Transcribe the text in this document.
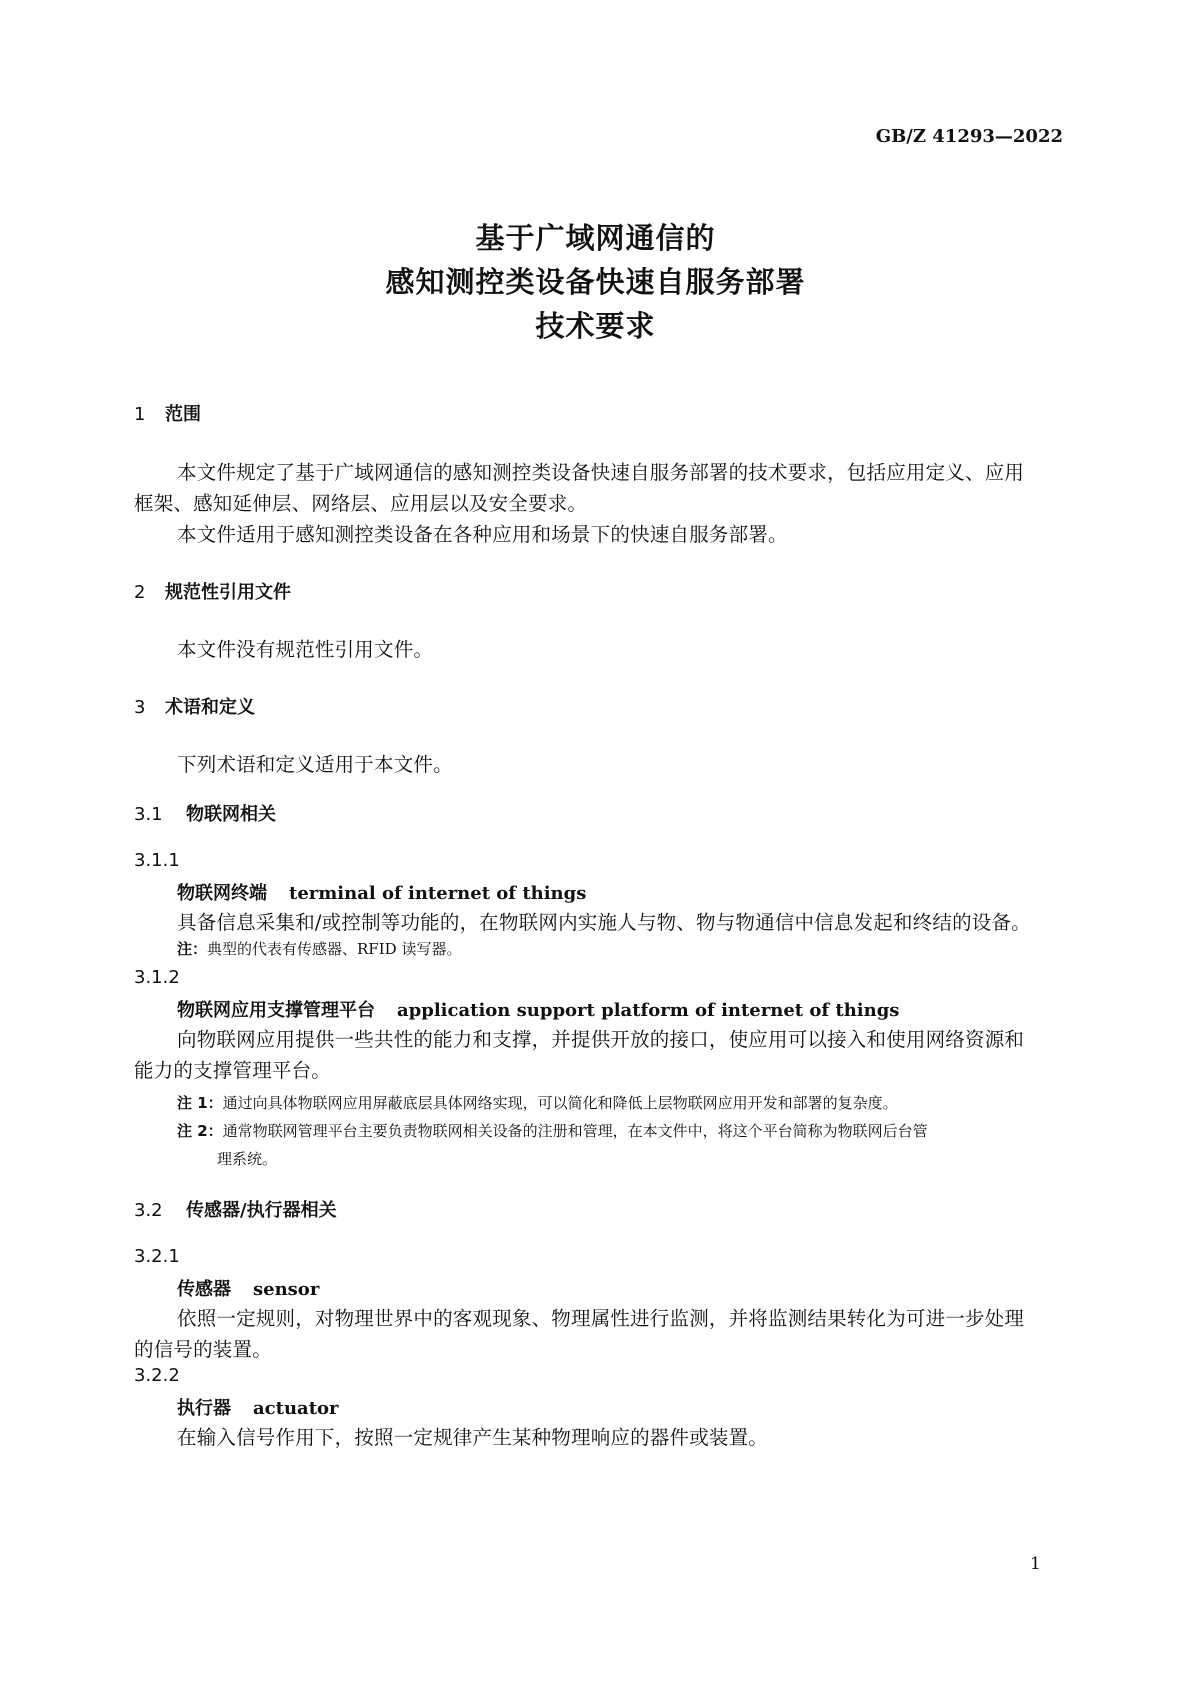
GB/Z 41293—2022
基于广域网通信的
感知测控类设备快速自服务部署
技术要求
1 范围
本文件规定了基于广域网通信的感知测控类设备快速自服务部署的技术要求，包括应用定义、应用
框架、感知延伸层、网络层、应用层以及安全要求。
本文件适用于感知测控类设备在各种应用和场景下的快速自服务部署。
2 规范性引用文件
本文件没有规范性引用文件。
3 术语和定义
下列术语和定义适用于本文件。
3.1 物联网相关
3.1.1
物联网终端 terminal of internet of things
具备信息采集和/或控制等功能的，在物联网内实施人与物、物与物通信中信息发起和终结的设备。
注：典型的代表有传感器、RFID 读写器。
3.1.2
物联网应用支撑管理平台 application support platform of internet of things
向物联网应用提供一些共性的能力和支撑，并提供开放的接口，使应用可以接入和使用网络资源和
能力的支撑管理平台。
注 1：通过向具体物联网应用屏蔽底层具体网络实现，可以简化和降低上层物联网应用开发和部署的复杂度。
注 2：通常物联网管理平台主要负责物联网相关设备的注册和管理，在本文件中，将这个平台简称为物联网后台管
理系统。
3.2 传感器/执行器相关
3.2.1
传感器 sensor
依照一定规则，对物理世界中的客观现象、物理属性进行监测，并将监测结果转化为可进一步处理
的信号的装置。
3.2.2
执行器 actuator
在输入信号作用下，按照一定规律产生某种物理响应的器件或装置。
1
